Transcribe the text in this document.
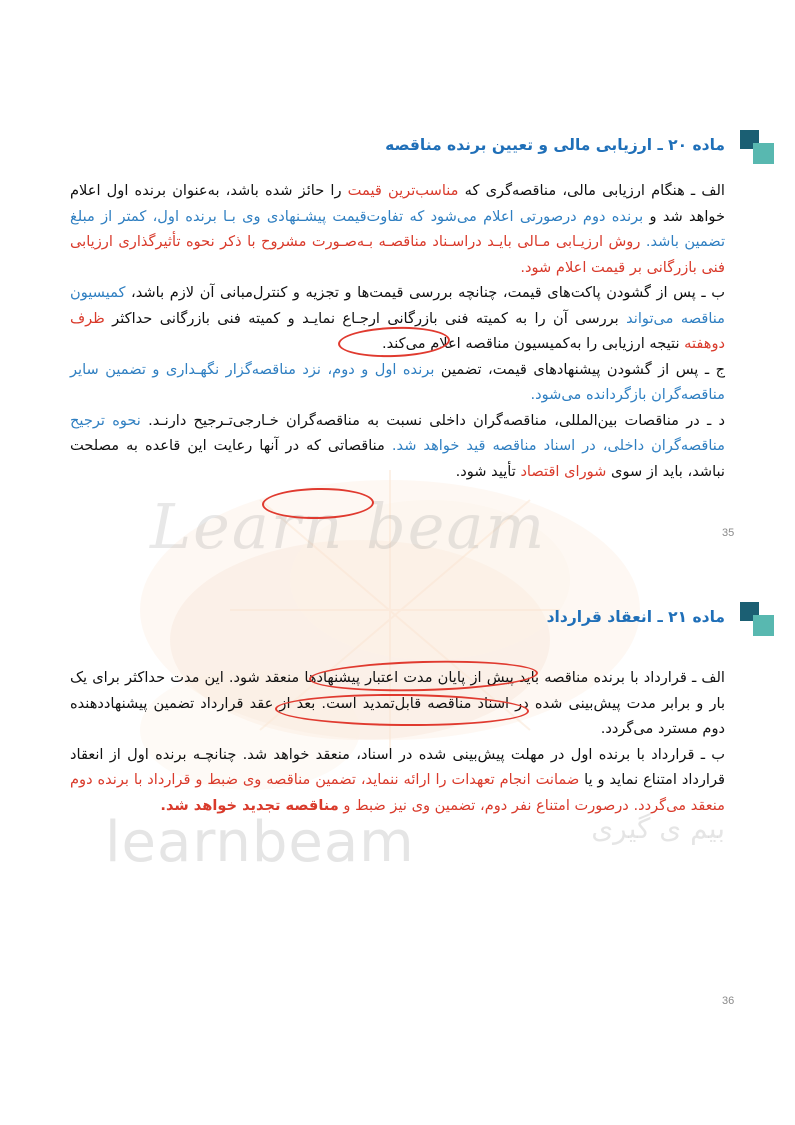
Learn beam
learnbeam	بیم ی گیری
ماده ۲۰ ـ ارزیابی مالی و تعیین برنده مناقصه

الف ـ هنگام ارزیابی مالی، مناقصه‌گری که مناسب‌ترین قیمت را حائز شده باشد، به‌عنوان برنده اول اعلام خواهد شد و برنده دوم درصورتی اعلام می‌شود که تفاوت‌قیمت پیشـنهادی وی بـا برنده اول، کمتر از مبلغ تضمین باشد. روش ارزیـابی مـالی بایـد دراسـناد مناقصـه بـه‌صـورت مشروح با ذکر نحوه تأثیرگذاری ارزیابی فنی بازرگانی بر قیمت اعلام شود.

ب ـ پس از گشودن پاکت‌های قیمت، چنانچه بررسی قیمت‌ها و تجزیه و کنترل‌مبانی آن لازم باشد، کمیسیون مناقصه می‌تواند بررسی آن را به کمیته فنی بازرگانی ارجـاع نمایـد و کمیته فنی بازرگانی حداکثر ظرف دوهفته نتیجه ارزیابی را به‌کمیسیون مناقصه اعلام می‌کند.

ج ـ پس از گشودن پیشنهادهای قیمت، تضمین برنده اول و دوم، نزد مناقصه‌گزار نگهـداری و تضمین سایر مناقصه‌گران بازگردانده می‌شود.

د ـ در مناقصات بین‌المللی، مناقصه‌گران داخلی نسبت به مناقصه‌گران خـارجی‌تـرجیح دارنـد. نحوه ترجیح مناقصه‌گران داخلی، در اسناد مناقصه قید خواهد شد. مناقصاتی که در آنها رعایت این قاعده به مصلحت نباشد، باید از سوی شورای اقتصاد تأیید شود.

35
ماده ۲۱ ـ انعقاد قرارداد

الف ـ قرارداد با برنده مناقصه باید پیش از پایان مدت اعتبار پیشنهادها منعقد شود. این مدت حداکثر برای یک بار و برابر مدت پیش‌بینی شده در اسناد مناقصه قابل‌تمدید است. بعد از عقد قرارداد تضمین پیشنهاددهنده دوم مسترد می‌گردد.

ب ـ قرارداد با برنده اول در مهلت پیش‌بینی شده در اسناد، منعقد خواهد شد. چنانچـه برنده اول از انعقاد قرارداد امتناع نماید و یا ضمانت انجام تعهدات را ارائه ننماید، تضمین مناقصه وی ضبط و قرارداد با برنده دوم منعقد می‌گردد. درصورت امتناع نفر دوم، تضمین وی نیز ضبط و مناقصه تجدید خواهد شد.

36
